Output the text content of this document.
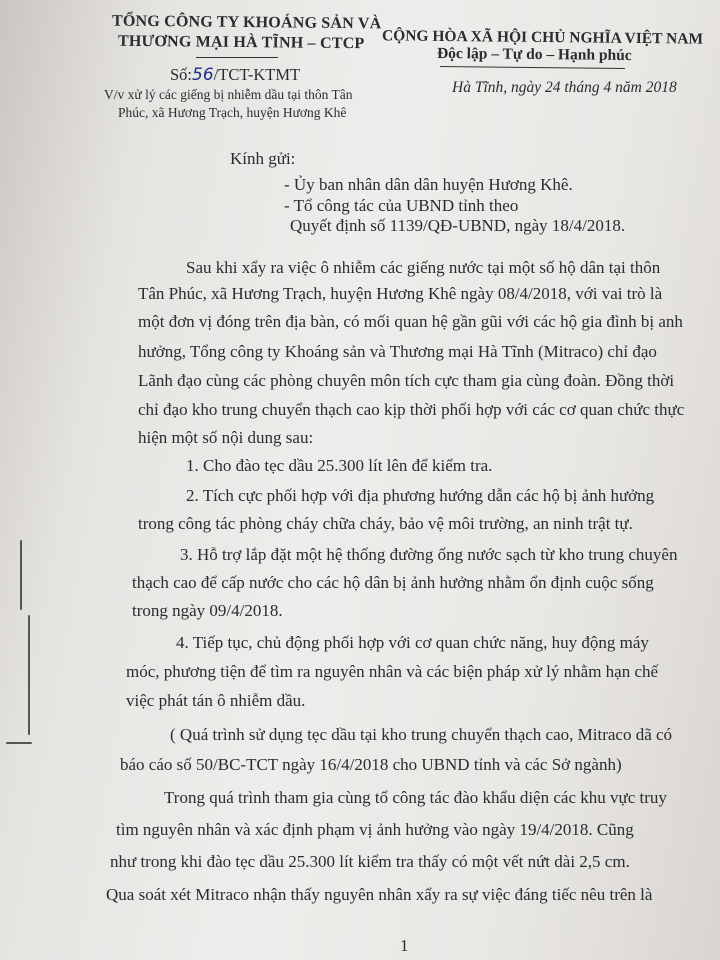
TỔNG CÔNG TY KHOÁNG SẢN VÀ
THƯƠNG MẠI HÀ TĨNH – CTCP CỘNG HÒA XÃ HỘI CHỦ NGHĨA VIỆT NAM
Độc lập – Tự do – Hạnh phúc
Số:56/TCT-KTMT
V/v xử lý các giếng bị nhiễm dầu tại thôn Tân
Phúc, xã Hương Trạch, huyện Hương Khê
Hà Tĩnh, ngày 24 tháng 4 năm 2018
Kính gửi:
- Ủy ban nhân dân dân huyện Hương Khê.
- Tổ công tác của UBND tỉnh theo
Quyết định số 1139/QĐ-UBND, ngày 18/4/2018.
Sau khi xẩy ra việc ô nhiễm các giếng nước tại một số hộ dân tại thôn
Tân Phúc, xã Hương Trạch, huyện Hương Khê ngày 08/4/2018, với vai trò là
một đơn vị đóng trên địa bàn, có mối quan hệ gần gũi với các hộ gia đình bị anh
hưởng, Tổng công ty Khoáng sản và Thương mại Hà Tĩnh (Mitraco) chỉ đạo
Lãnh đạo cùng các phòng chuyên môn tích cực tham gia cùng đoàn. Đồng thời
chỉ đạo kho trung chuyển thạch cao kịp thời phối hợp với các cơ quan chức thực
hiện một số nội dung sau:
1. Cho đào tẹc dầu 25.300 lít lên để kiểm tra.
2. Tích cực phối hợp với địa phương hướng dẫn các hộ bị ảnh hưởng
trong công tác phòng cháy chữa cháy, bảo vệ môi trường, an ninh trật tự.
3. Hỗ trợ lắp đặt một hệ thống đường ống nước sạch từ kho trung chuyên
thạch cao để cấp nước cho các hộ dân bị ảnh hưởng nhằm ổn định cuộc sống
trong ngày 09/4/2018.
4. Tiếp tục, chủ động phối hợp với cơ quan chức năng, huy động máy
móc, phương tiện để tìm ra nguyên nhân và các biện pháp xử lý nhằm hạn chế
việc phát tán ô nhiễm dầu.
( Quá trình sử dụng tẹc dầu tại kho trung chuyển thạch cao, Mitraco dã có
báo cáo số 50/BC-TCT ngày 16/4/2018 cho UBND tỉnh và các Sở ngành)
Trong quá trình tham gia cùng tổ công tác đào khẩu diện các khu vực truy
tìm nguyên nhân và xác định phạm vị ảnh hưởng vào ngày 19/4/2018. Cũng
như trong khi đào tẹc dầu 25.300 lít kiểm tra thấy có một vết nứt dài 2,5 cm.
Qua soát xét Mitraco nhận thấy nguyên nhân xẩy ra sự việc đáng tiếc nêu trên là
1
